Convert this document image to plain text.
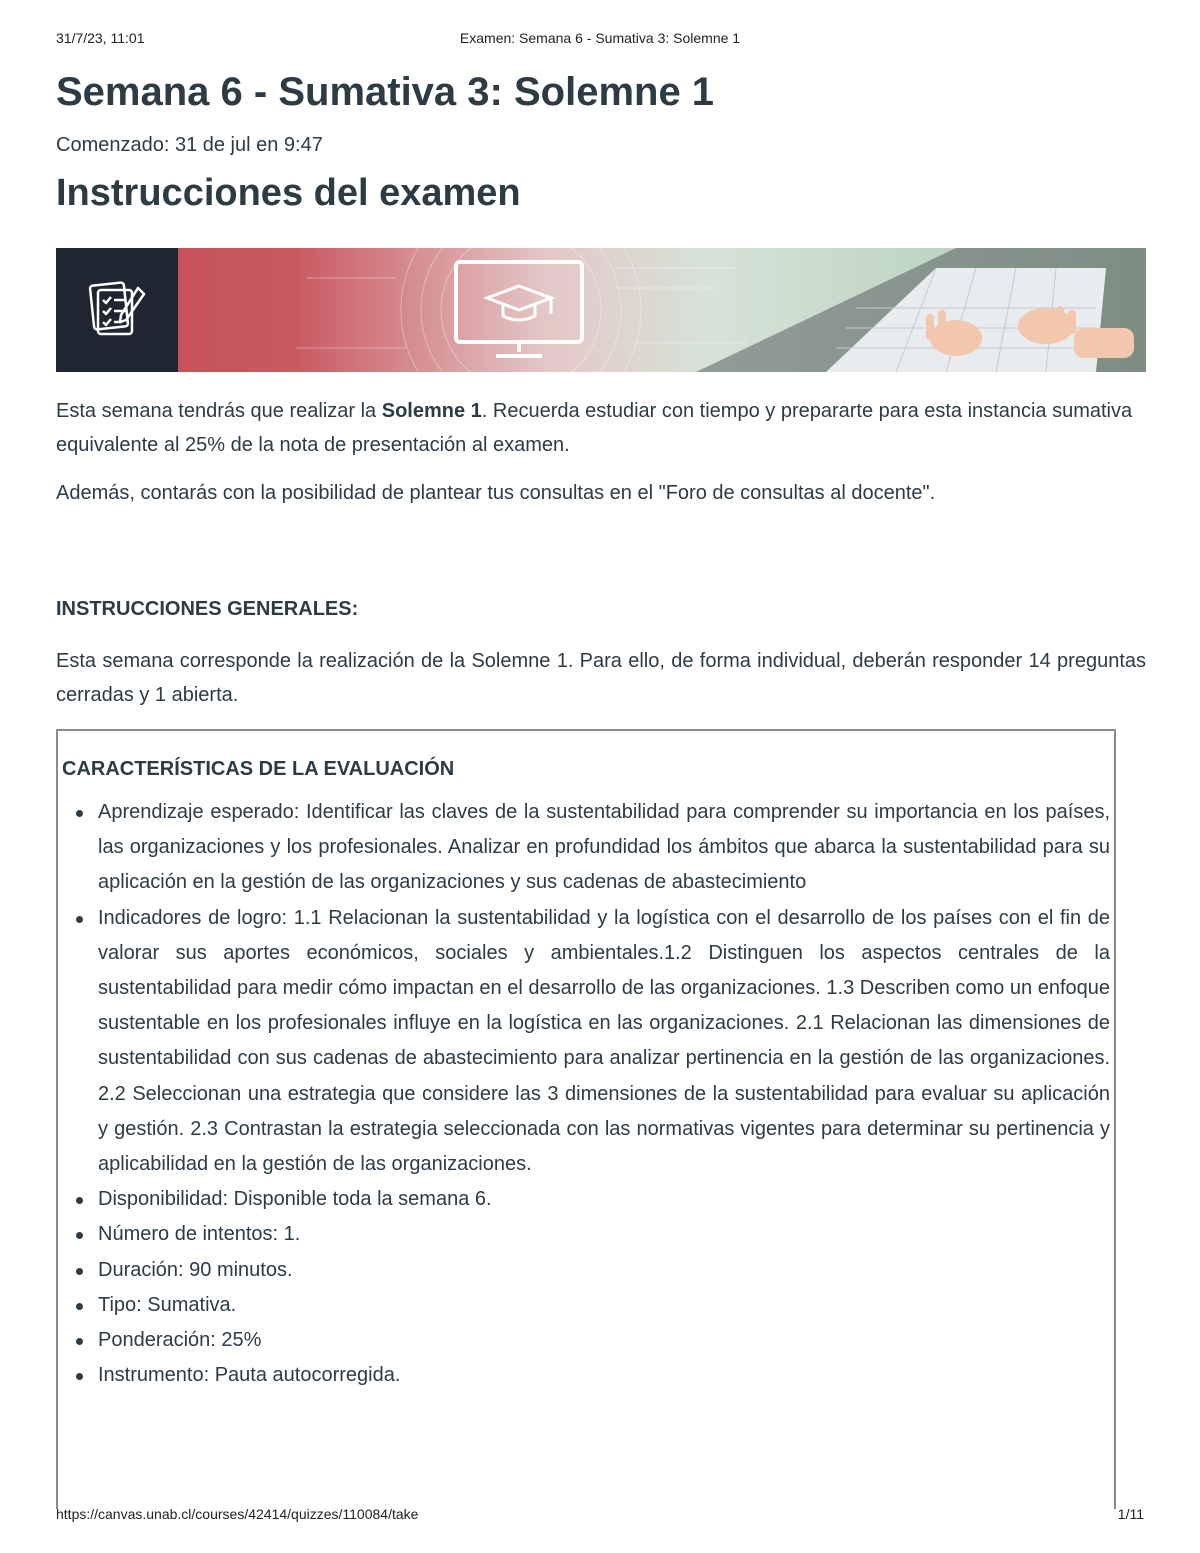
31/7/23, 11:01	Examen: Semana 6 - Sumativa 3: Solemne 1
Semana 6 - Sumativa 3: Solemne 1
Comenzado: 31 de jul en 9:47
Instrucciones del examen

Esta semana tendrás que realizar la Solemne 1. Recuerda estudiar con tiempo y prepararte para esta instancia sumativa equivalente al 25% de la nota de presentación al examen.

Además, contarás con la posibilidad de plantear tus consultas en el "Foro de consultas al docente".

INSTRUCCIONES GENERALES:

Esta semana corresponde la realización de la Solemne 1. Para ello, de forma individual, deberán responder 14 preguntas cerradas y 1 abierta.

CARACTERÍSTICAS DE LA EVALUACIÓN
Aprendizaje esperado: Identificar las claves de la sustentabilidad para comprender su importancia en los países, las organizaciones y los profesionales. Analizar en profundidad los ámbitos que abarca la sustentabilidad para su aplicación en la gestión de las organizaciones y sus cadenas de abastecimiento
Indicadores de logro: 1.1 Relacionan la sustentabilidad y la logística con el desarrollo de los países con el fin de valorar sus aportes económicos, sociales y ambientales.1.2 Distinguen los aspectos centrales de la sustentabilidad para medir cómo impactan en el desarrollo de las organizaciones. 1.3 Describen como un enfoque sustentable en los profesionales influye en la logística en las organizaciones. 2.1 Relacionan las dimensiones de sustentabilidad con sus cadenas de abastecimiento para analizar pertinencia en la gestión de las organizaciones. 2.2 Seleccionan una estrategia que considere las 3 dimensiones de la sustentabilidad para evaluar su aplicación y gestión. 2.3 Contrastan la estrategia seleccionada con las normativas vigentes para determinar su pertinencia y aplicabilidad en la gestión de las organizaciones.
Disponibilidad: Disponible toda la semana 6.
Número de intentos: 1.
Duración: 90 minutos.
Tipo: Sumativa.
Ponderación: 25%
Instrumento: Pauta autocorregida.
https://canvas.unab.cl/courses/42414/quizzes/110084/take	1/11
